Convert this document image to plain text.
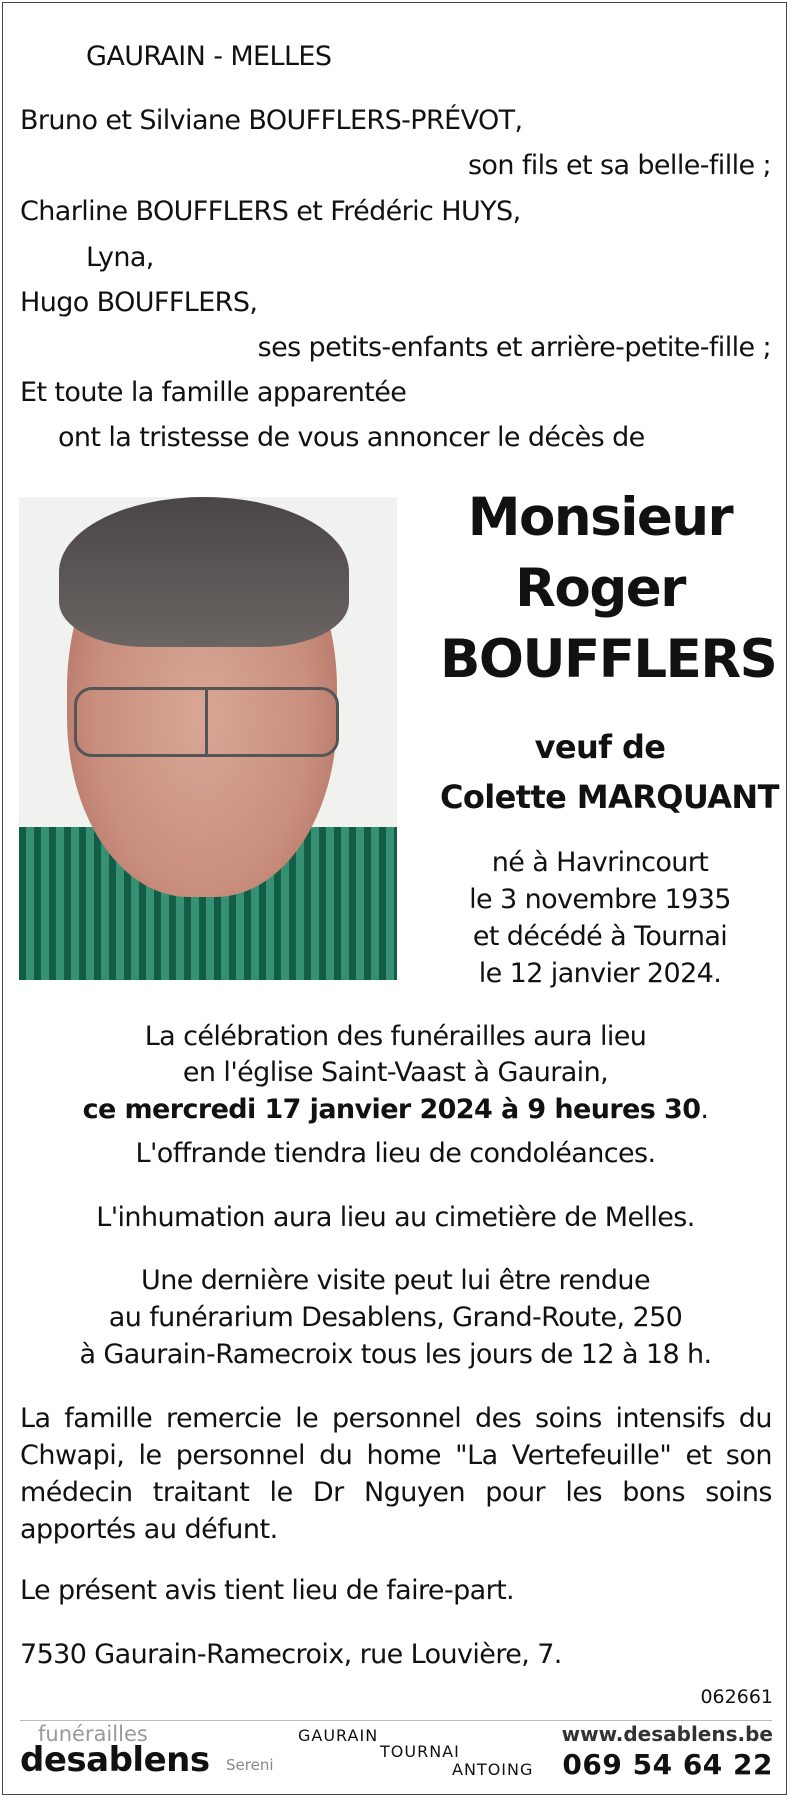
GAURAIN - MELLES
Bruno et Silviane BOUFFLERS-PRÉVOT,
son fils et sa belle-fille ;
Charline BOUFFLERS et Frédéric HUYS,
Lyna,
Hugo BOUFFLERS,
ses petits-enfants et arrière-petite-fille ;
Et toute la famille apparentée
ont la tristesse de vous annoncer le décès de
Monsieur
Roger
BOUFFLERS
veuf de
Colette MARQUANT
né à Havrincourt
le 3 novembre 1935
et décédé à Tournai
le 12 janvier 2024.
La célébration des funérailles aura lieu
en l'église Saint-Vaast à Gaurain,
ce mercredi 17 janvier 2024 à 9 heures 30.
L'offrande tiendra lieu de condoléances.
L'inhumation aura lieu au cimetière de Melles.
Une dernière visite peut lui être rendue
au funérarium Desablens, Grand-Route, 250
à Gaurain-Ramecroix tous les jours de 12 à 18 h.
La famille remercie le personnel des soins intensifs du Chwapi, le personnel du home "La Vertefeuille" et son médecin traitant le Dr Nguyen pour les bons soins apportés au défunt.
Le présent avis tient lieu de faire-part.
7530 Gaurain-Ramecroix, rue Louvière, 7.
062661
funérailles
desablens Sereni
GAURAIN
TOURNAI
ANTOING
www.desablens.be
069 54 64 22
